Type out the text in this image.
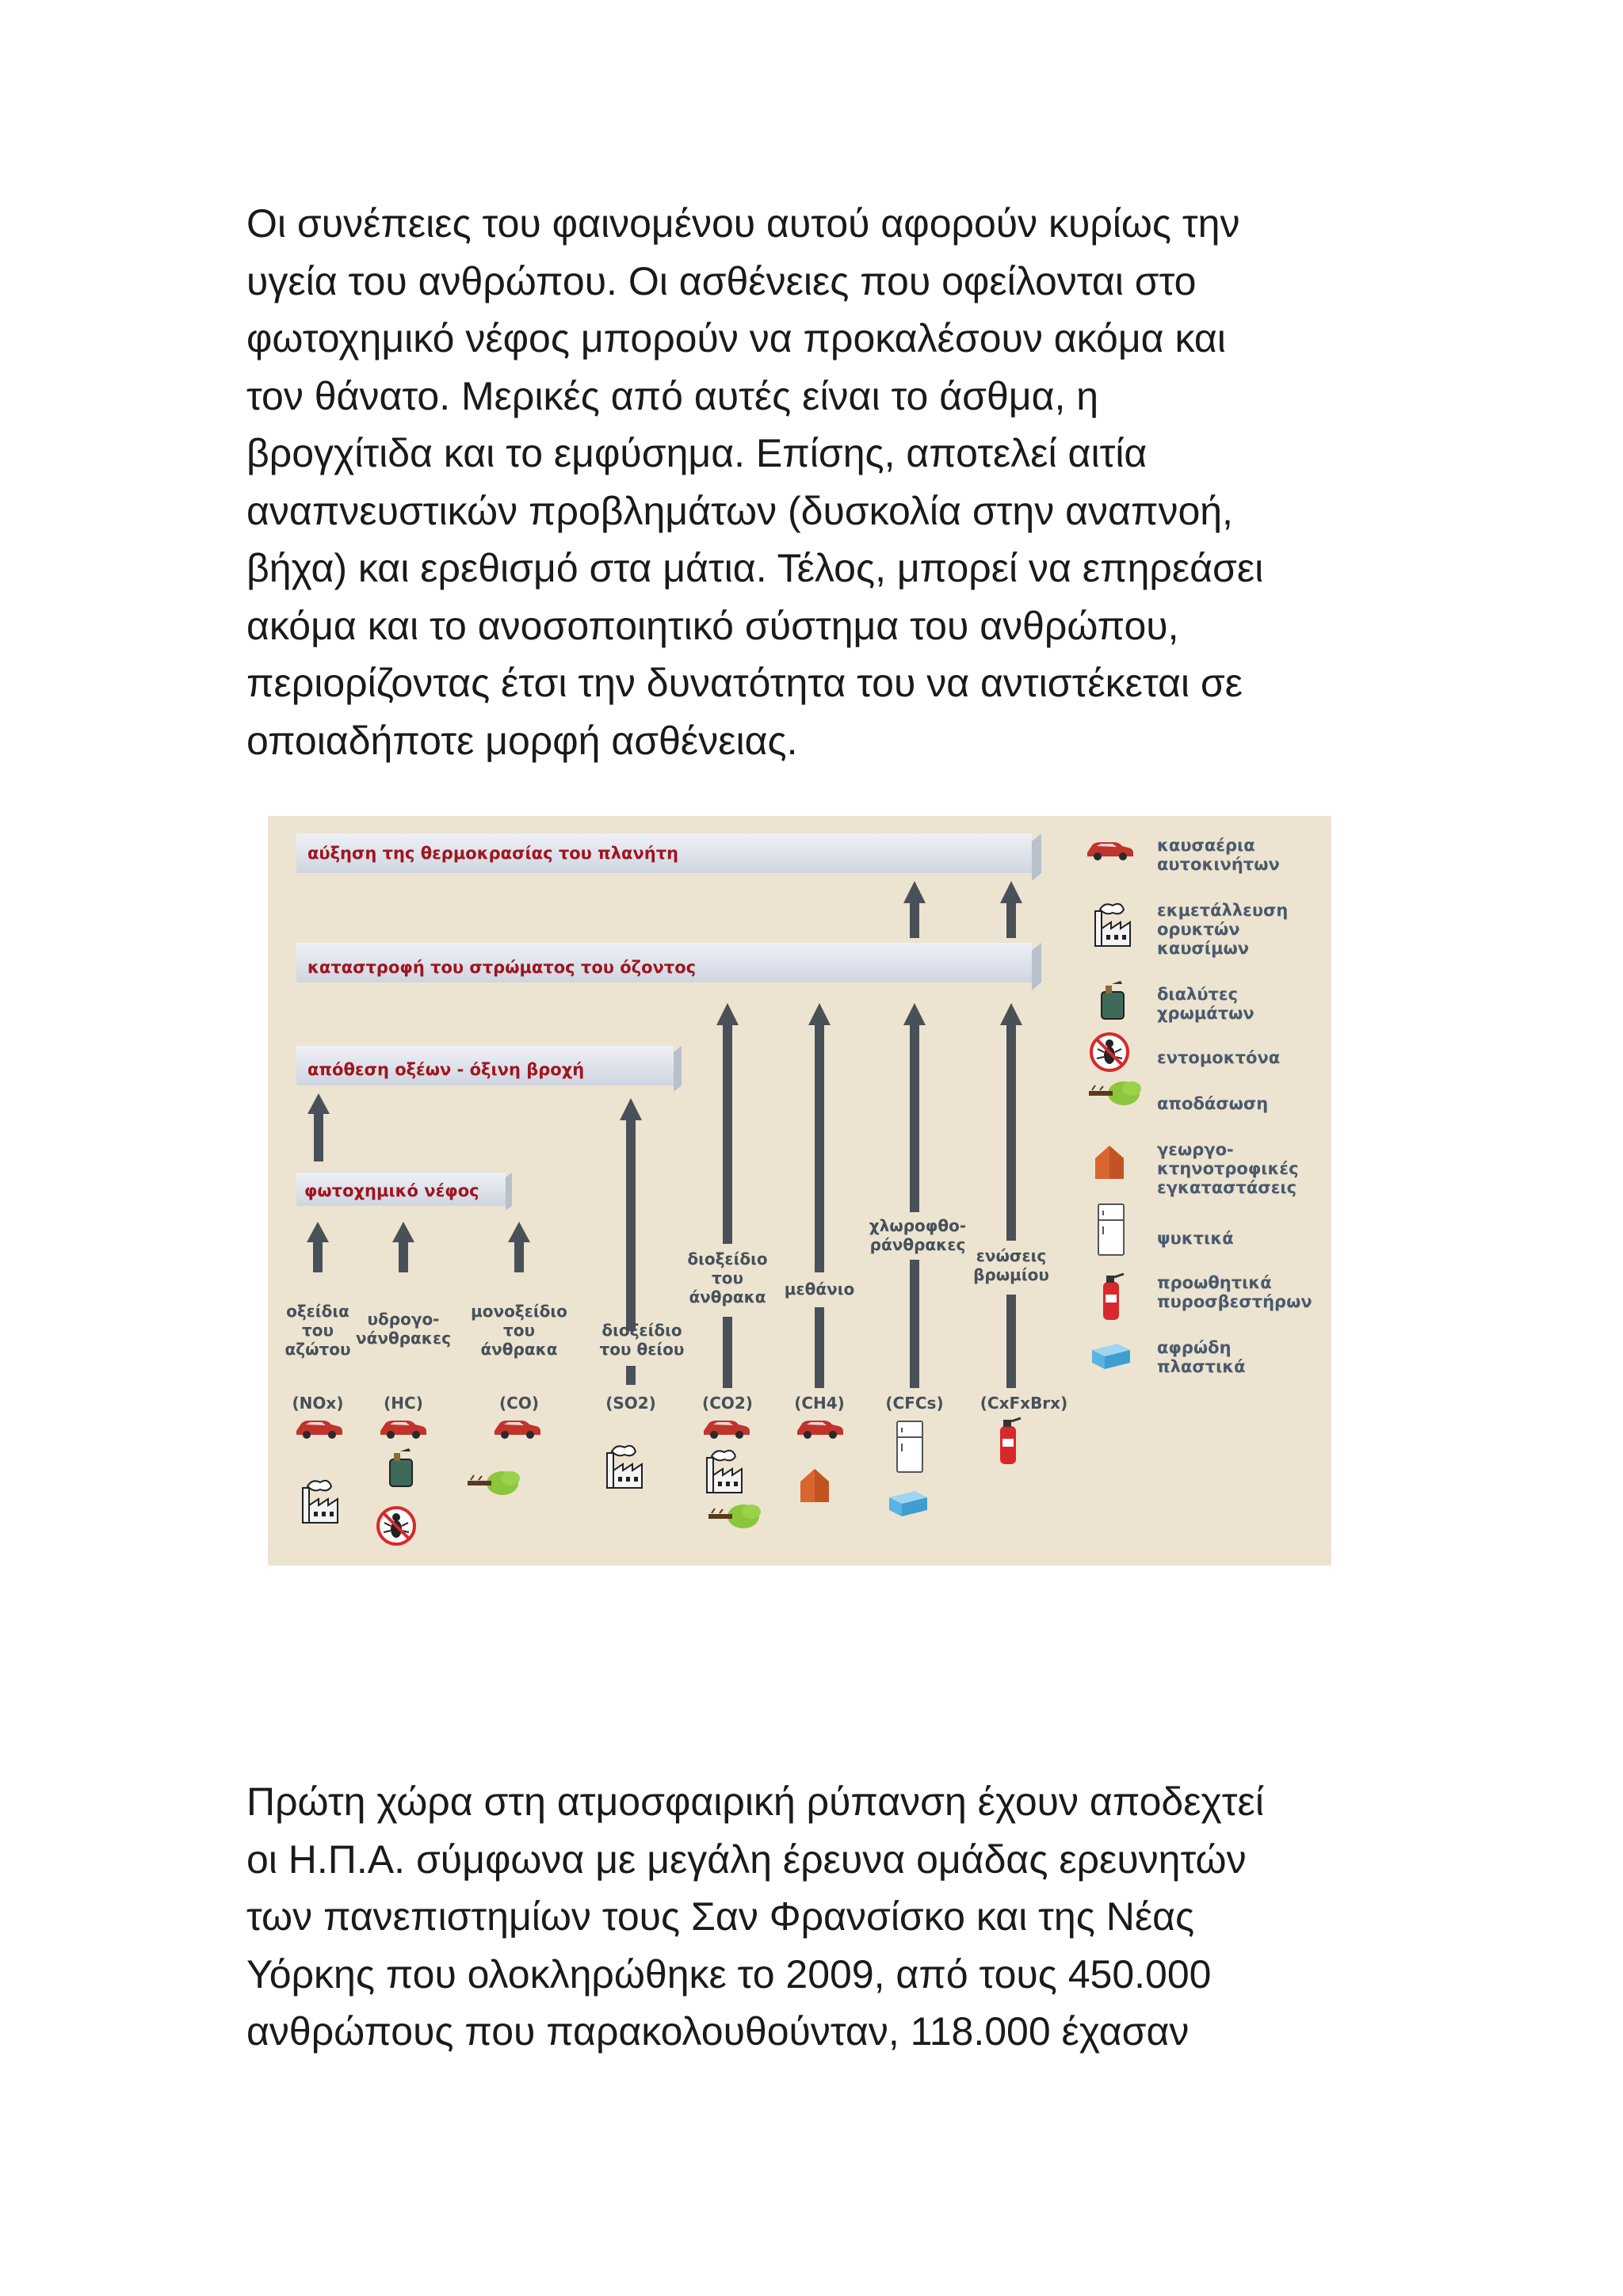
Οι συνέπειες του φαινομένου αυτού αφορούν κυρίως την
υγεία του ανθρώπου. Οι ασθένειες που οφείλονται στο
φωτοχημικό νέφος μπορούν να προκαλέσουν ακόμα και
τον θάνατο. Μερικές από αυτές είναι το άσθμα, η
βρογχίτιδα και το εμφύσημα. Επίσης, αποτελεί αιτία
αναπνευστικών προβλημάτων (δυσκολία στην αναπνοή,
βήχα) και ερεθισμό στα μάτια. Τέλος, μπορεί να επηρεάσει
ακόμα και το ανοσοποιητικό σύστημα του ανθρώπου,
περιορίζοντας έτσι την δυνατότητα του να αντιστέκεται σε
οποιαδήποτε μορφή ασθένειας.
αύξηση της θερμοκρασίας του πλανήτη
καταστροφή του στρώματος του όζοντος
απόθεση οξέων - όξινη βροχή
φωτοχημικό νέφος
οξείδια
του
αζώτου
(NOx)
υδρογο-
νάνθρακες
(HC)
μονοξείδιο
του
άνθρακα
(CO)
διοξείδιο
του θείου
(SO2)
διοξείδιο
του
άνθρακα
(CO2)
μεθάνιο
(CH4)
χλωροφθο-
ράνθρακες
(CFCs)
ενώσεις
βρωμίου
(CxFxBrx)
καυσαέρια
αυτοκινήτων
εκμετάλλευση
ορυκτών
καυσίμων
διαλύτες
χρωμάτων
εντομοκτόνα
αποδάσωση
γεωργο-
κτηνοτροφικές
εγκαταστάσεις
ψυκτικά
προωθητικά
πυροσβεστήρων
αφρώδη
πλαστικά
Πρώτη χώρα στη ατμοσφαιρική ρύπανση έχουν αποδεχτεί
οι Η.Π.Α. σύμφωνα με μεγάλη έρευνα ομάδας ερευνητών
των πανεπιστημίων τους Σαν Φρανσίσκο και της Νέας
Υόρκης που ολοκληρώθηκε το 2009, από τους 450.000
ανθρώπους που παρακολουθούνταν, 118.000 έχασαν
